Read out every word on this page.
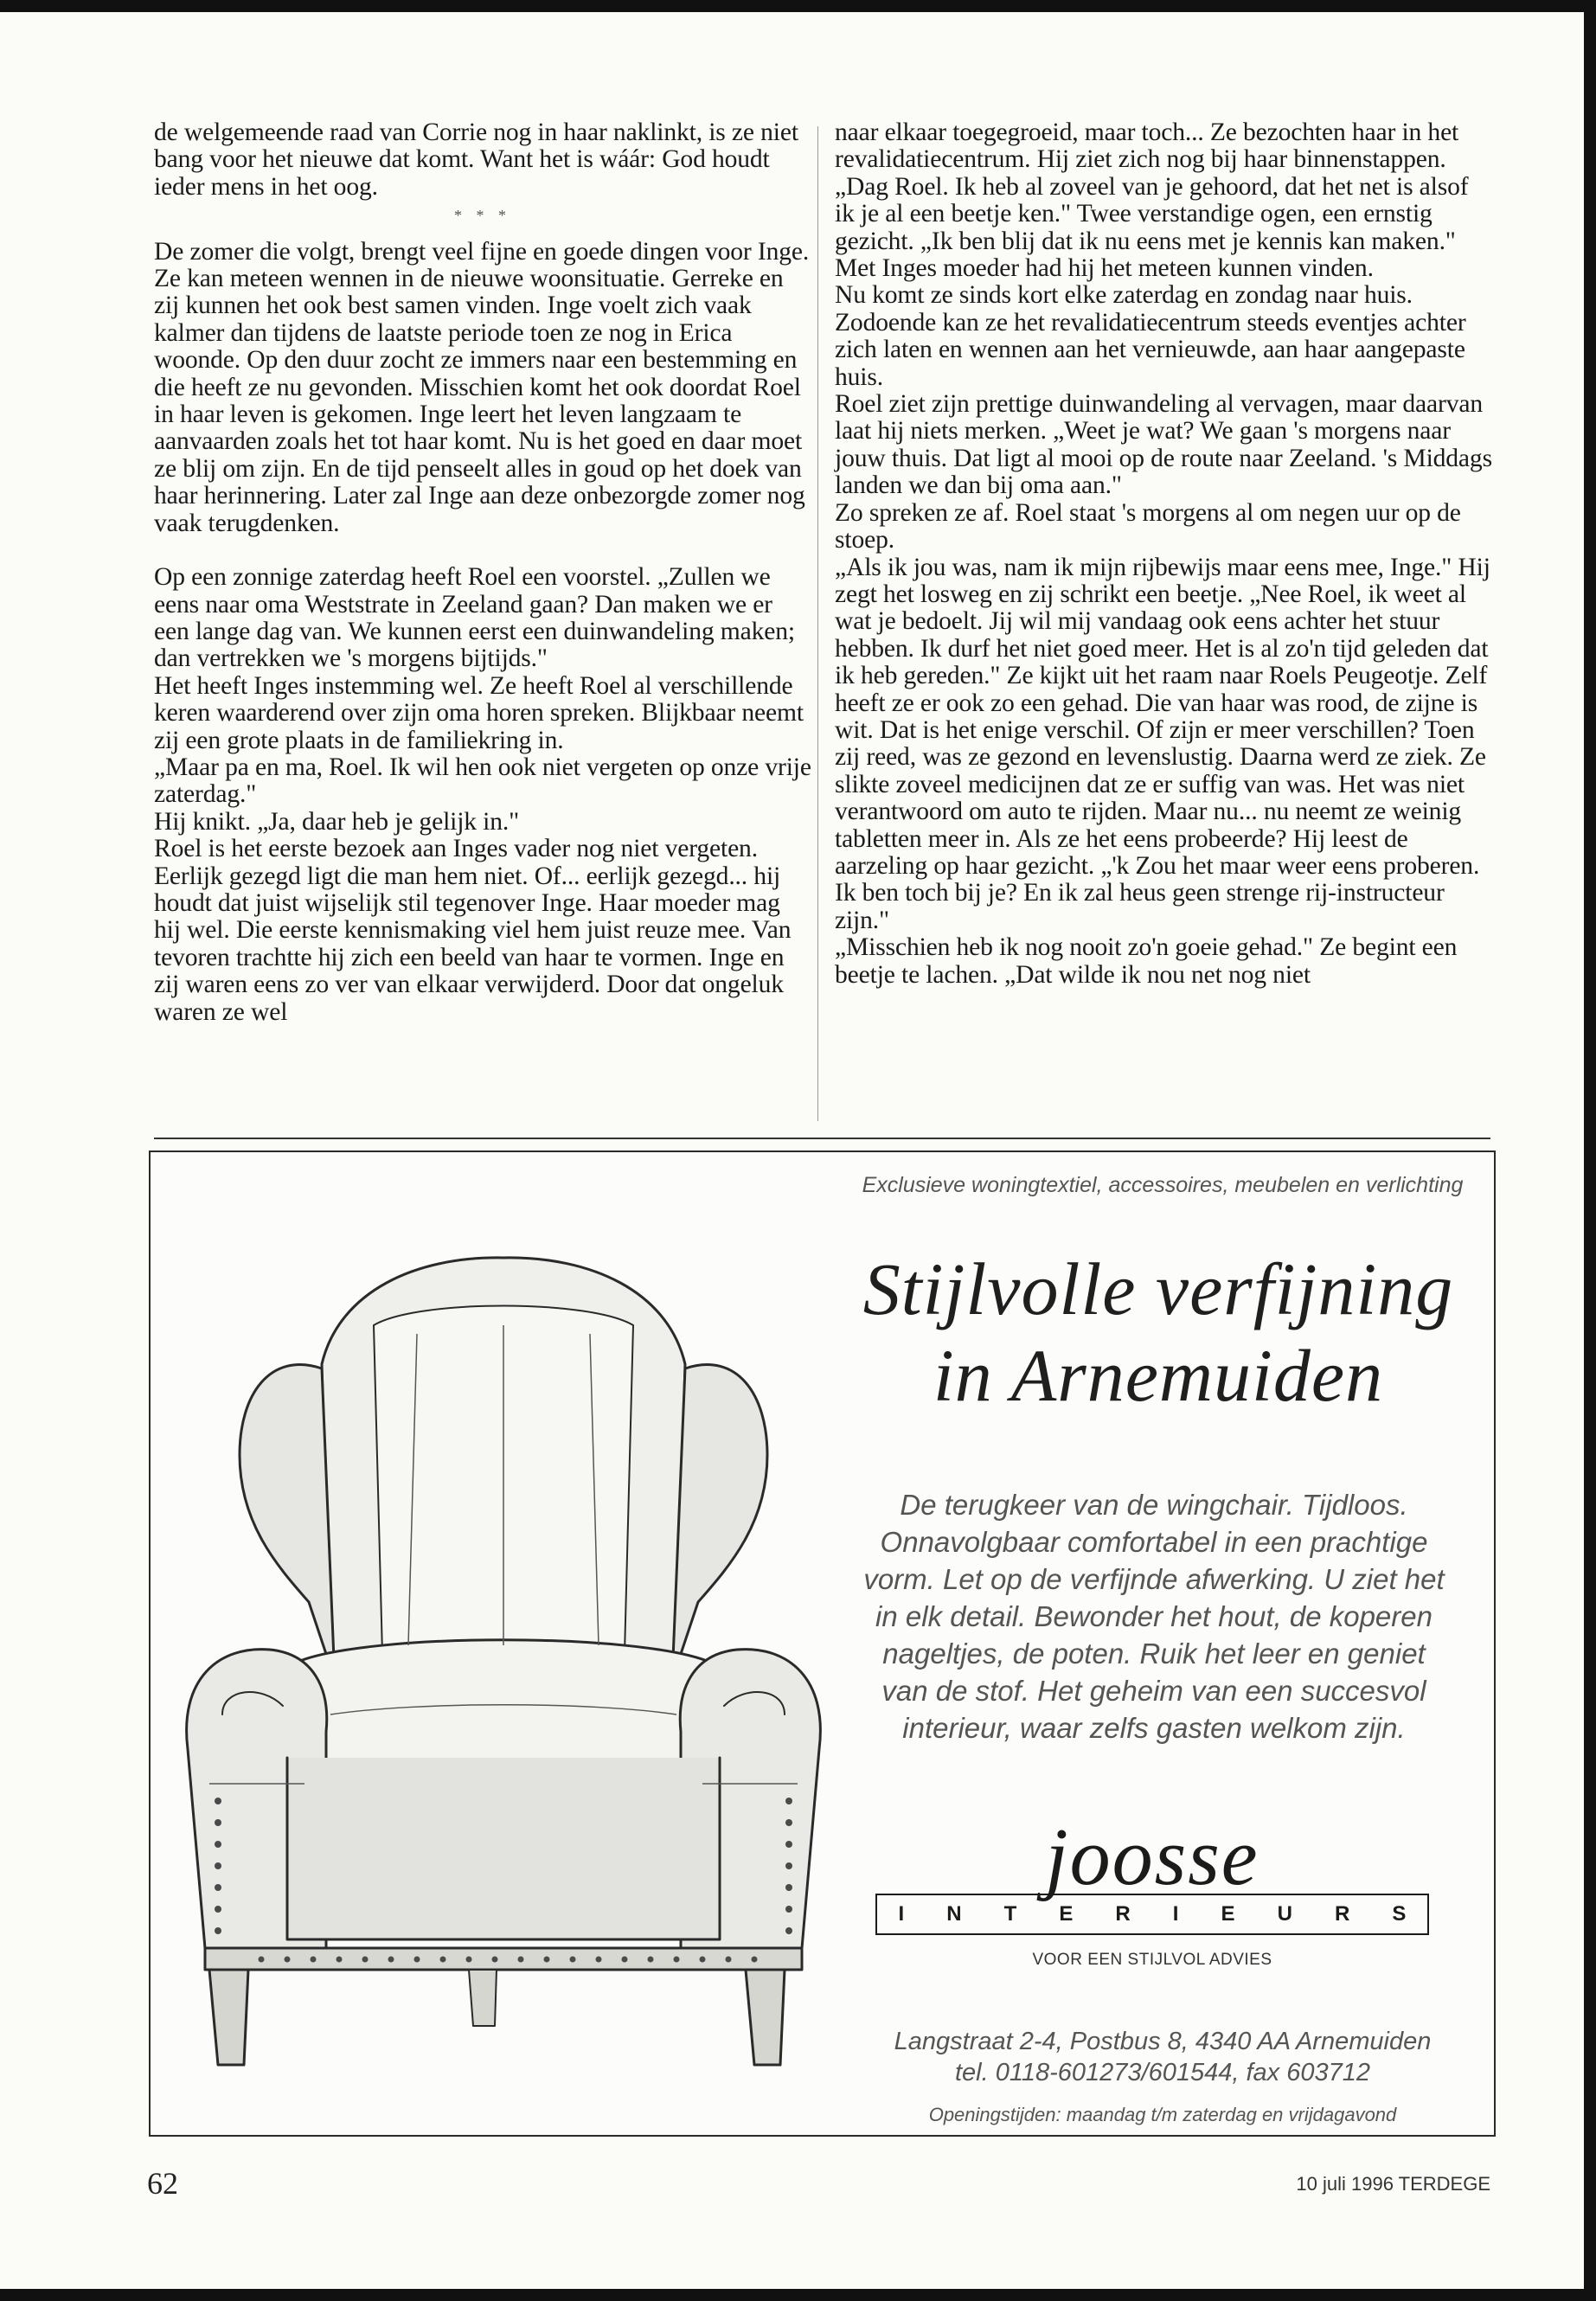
de welgemeende raad van Corrie nog in haar naklinkt, is ze niet bang voor het nieuwe dat komt. Want het is wáár: God houdt ieder mens in het oog.

* * *

De zomer die volgt, brengt veel fijne en goede dingen voor Inge. Ze kan meteen wennen in de nieuwe woonsituatie. Gerreke en zij kunnen het ook best samen vinden. Inge voelt zich vaak kalmer dan tijdens de laatste periode toen ze nog in Erica woonde. Op den duur zocht ze immers naar een bestemming en die heeft ze nu gevonden. Misschien komt het ook doordat Roel in haar leven is gekomen. Inge leert het leven langzaam te aanvaarden zoals het tot haar komt. Nu is het goed en daar moet ze blij om zijn. En de tijd penseelt alles in goud op het doek van haar herinnering. Later zal Inge aan deze onbezorgde zomer nog vaak terugdenken.

Op een zonnige zaterdag heeft Roel een voorstel. „Zullen we eens naar oma Weststrate in Zeeland gaan? Dan maken we er een lange dag van. We kunnen eerst een duinwandeling maken; dan vertrekken we 's morgens bijtijds."

Het heeft Inges instemming wel. Ze heeft Roel al verschillende keren waarderend over zijn oma horen spreken. Blijkbaar neemt zij een grote plaats in de familiekring in.

„Maar pa en ma, Roel. Ik wil hen ook niet vergeten op onze vrije zaterdag."

Hij knikt. „Ja, daar heb je gelijk in."

Roel is het eerste bezoek aan Inges vader nog niet vergeten. Eerlijk gezegd ligt die man hem niet. Of... eerlijk gezegd... hij houdt dat juist wijselijk stil tegenover Inge. Haar moeder mag hij wel. Die eerste kennismaking viel hem juist reuze mee. Van tevoren trachtte hij zich een beeld van haar te vormen. Inge en zij waren eens zo ver van elkaar verwijderd. Door dat ongeluk waren ze wel

naar elkaar toegegroeid, maar toch... Ze bezochten haar in het revalidatiecentrum. Hij ziet zich nog bij haar binnenstappen.

„Dag Roel. Ik heb al zoveel van je gehoord, dat het net is alsof ik je al een beetje ken." Twee verstandige ogen, een ernstig gezicht. „Ik ben blij dat ik nu eens met je kennis kan maken." Met Inges moeder had hij het meteen kunnen vinden.

Nu komt ze sinds kort elke zaterdag en zondag naar huis. Zodoende kan ze het revalidatiecentrum steeds eventjes achter zich laten en wennen aan het vernieuwde, aan haar aangepaste huis.

Roel ziet zijn prettige duinwandeling al vervagen, maar daarvan laat hij niets merken. „Weet je wat? We gaan 's morgens naar jouw thuis. Dat ligt al mooi op de route naar Zeeland. 's Middags landen we dan bij oma aan."

Zo spreken ze af. Roel staat 's morgens al om negen uur op de stoep.

„Als ik jou was, nam ik mijn rijbewijs maar eens mee, Inge." Hij zegt het losweg en zij schrikt een beetje. „Nee Roel, ik weet al wat je bedoelt. Jij wil mij vandaag ook eens achter het stuur hebben. Ik durf het niet goed meer. Het is al zo'n tijd geleden dat ik heb gereden." Ze kijkt uit het raam naar Roels Peugeotje. Zelf heeft ze er ook zo een gehad. Die van haar was rood, de zijne is wit. Dat is het enige verschil. Of zijn er meer verschillen? Toen zij reed, was ze gezond en levenslustig. Daarna werd ze ziek. Ze slikte zoveel medicijnen dat ze er suffig van was. Het was niet verantwoord om auto te rijden. Maar nu... nu neemt ze weinig tabletten meer in. Als ze het eens probeerde? Hij leest de aarzeling op haar gezicht. „'k Zou het maar weer eens proberen. Ik ben toch bij je? En ik zal heus geen strenge rij-instructeur zijn."

„Misschien heb ik nog nooit zo'n goeie gehad." Ze begint een beetje te lachen. „Dat wilde ik nou net nog niet

Exclusieve woningtextiel, accessoires, meubelen en verlichting
Stijlvolle verfijning
in Arnemuiden
De terugkeer van de wingchair. Tijdloos.
Onnavolgbaar comfortabel in een prachtige
vorm. Let op de verfijnde afwerking. U ziet het
in elk detail. Bewonder het hout, de koperen
nageltjes, de poten. Ruik het leer en geniet
van de stof. Het geheim van een succesvol
interieur, waar zelfs gasten welkom zijn.
joosse
I N T E R I E U R S
VOOR EEN STIJLVOL ADVIES
Langstraat 2-4, Postbus 8, 4340 AA Arnemuiden
tel. 0118-601273/601544, fax 603712
Openingstijden: maandag t/m zaterdag en vrijdagavond
62	10 juli 1996 TERDEGE
